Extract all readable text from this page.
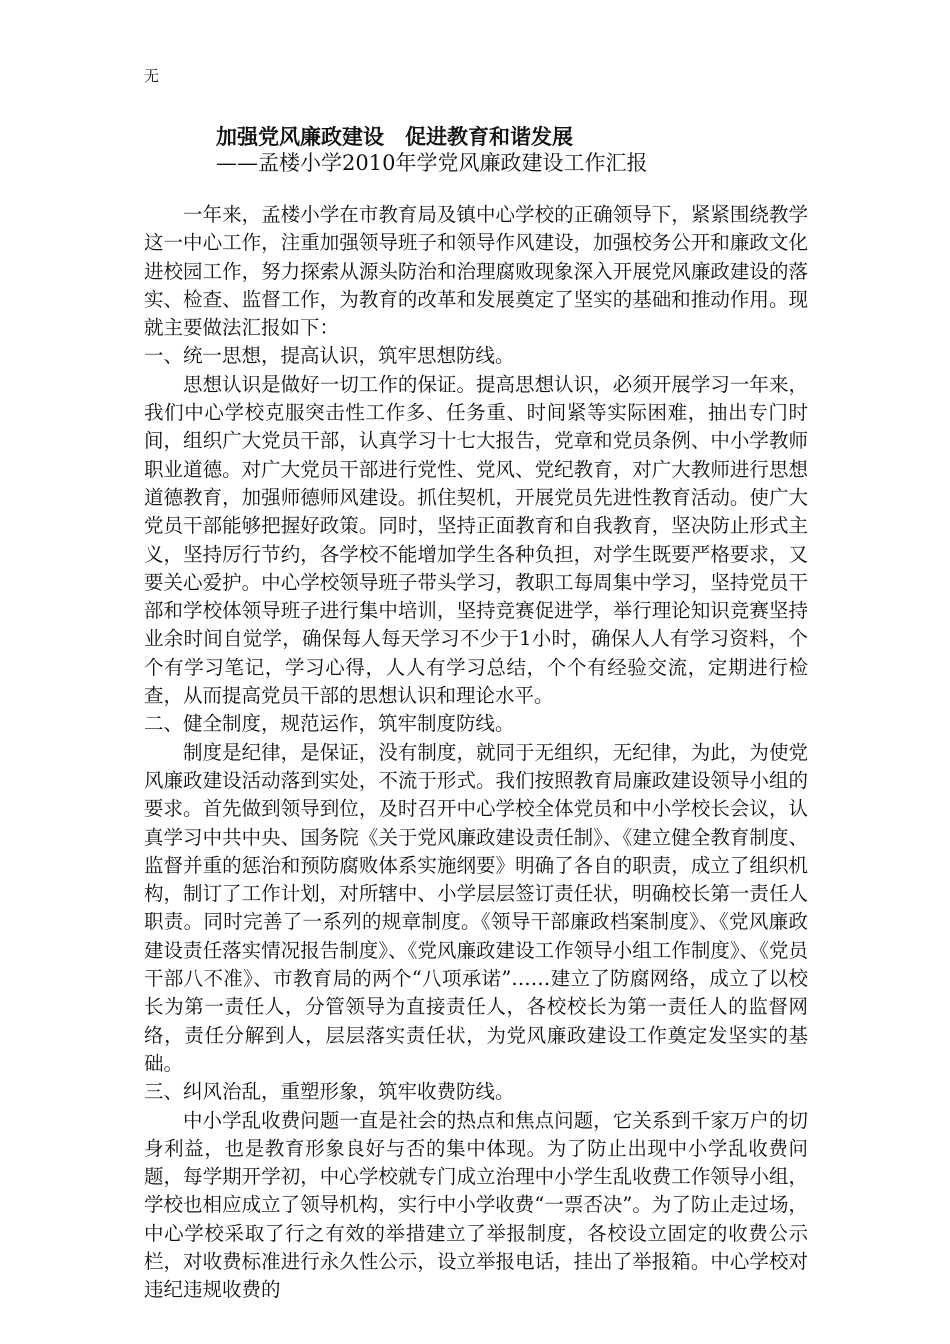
无
加强党风廉政建设　促进教育和谐发展
——孟楼小学2010年学党风廉政建设工作汇报

一年来，孟楼小学在市教育局及镇中心学校的正确领导下，紧紧围绕教学这一中心工作，注重加强领导班子和领导作风建设，加强校务公开和廉政文化进校园工作，努力探索从源头防治和治理腐败现象深入开展党风廉政建设的落实、检查、监督工作，为教育的改革和发展奠定了坚实的基础和推动作用。现就主要做法汇报如下：

一、统一思想，提高认识，筑牢思想防线。

思想认识是做好一切工作的保证。提高思想认识，必须开展学习一年来，我们中心学校克服突击性工作多、任务重、时间紧等实际困难，抽出专门时间，组织广大党员干部，认真学习十七大报告，党章和党员条例、中小学教师职业道德。对广大党员干部进行党性、党风、党纪教育，对广大教师进行思想道德教育，加强师德师风建设。抓住契机，开展党员先进性教育活动。使广大党员干部能够把握好政策。同时，坚持正面教育和自我教育，坚决防止形式主义，坚持厉行节约，各学校不能增加学生各种负担，对学生既要严格要求，又要关心爱护。中心学校领导班子带头学习，教职工每周集中学习，坚持党员干部和学校体领导班子进行集中培训，坚持竞赛促进学，举行理论知识竞赛坚持业余时间自觉学，确保每人每天学习不少于1小时，确保人人有学习资料，个个有学习笔记，学习心得，人人有学习总结，个个有经验交流，定期进行检查，从而提高党员干部的思想认识和理论水平。

二、健全制度，规范运作，筑牢制度防线。

制度是纪律，是保证，没有制度，就同于无组织，无纪律，为此，为使党风廉政建设活动落到实处，不流于形式。我们按照教育局廉政建设领导小组的要求。首先做到领导到位，及时召开中心学校全体党员和中小学校长会议，认真学习中共中央、国务院《关于党风廉政建设责任制》、《建立健全教育制度、监督并重的惩治和预防腐败体系实施纲要》明确了各自的职责，成立了组织机构，制订了工作计划，对所辖中、小学层层签订责任状，明确校长第一责任人职责。同时完善了一系列的规章制度。《领导干部廉政档案制度》、《党风廉政建设责任落实情况报告制度》、《党风廉政建设工作领导小组工作制度》、《党员干部八不准》、市教育局的两个“八项承诺”……建立了防腐网络，成立了以校长为第一责任人，分管领导为直接责任人，各校校长为第一责任人的监督网络，责任分解到人，层层落实责任状，为党风廉政建设工作奠定发坚实的基础。

三、纠风治乱，重塑形象，筑牢收费防线。

中小学乱收费问题一直是社会的热点和焦点问题，它关系到千家万户的切身利益，也是教育形象良好与否的集中体现。为了防止出现中小学乱收费问题，每学期开学初，中心学校就专门成立治理中小学生乱收费工作领导小组，学校也相应成立了领导机构，实行中小学收费“一票否决”。为了防止走过场，中心学校采取了行之有效的举措建立了举报制度，各校设立固定的收费公示栏，对收费标准进行永久性公示，设立举报电话，挂出了举报箱。中心学校对违纪违规收费的
